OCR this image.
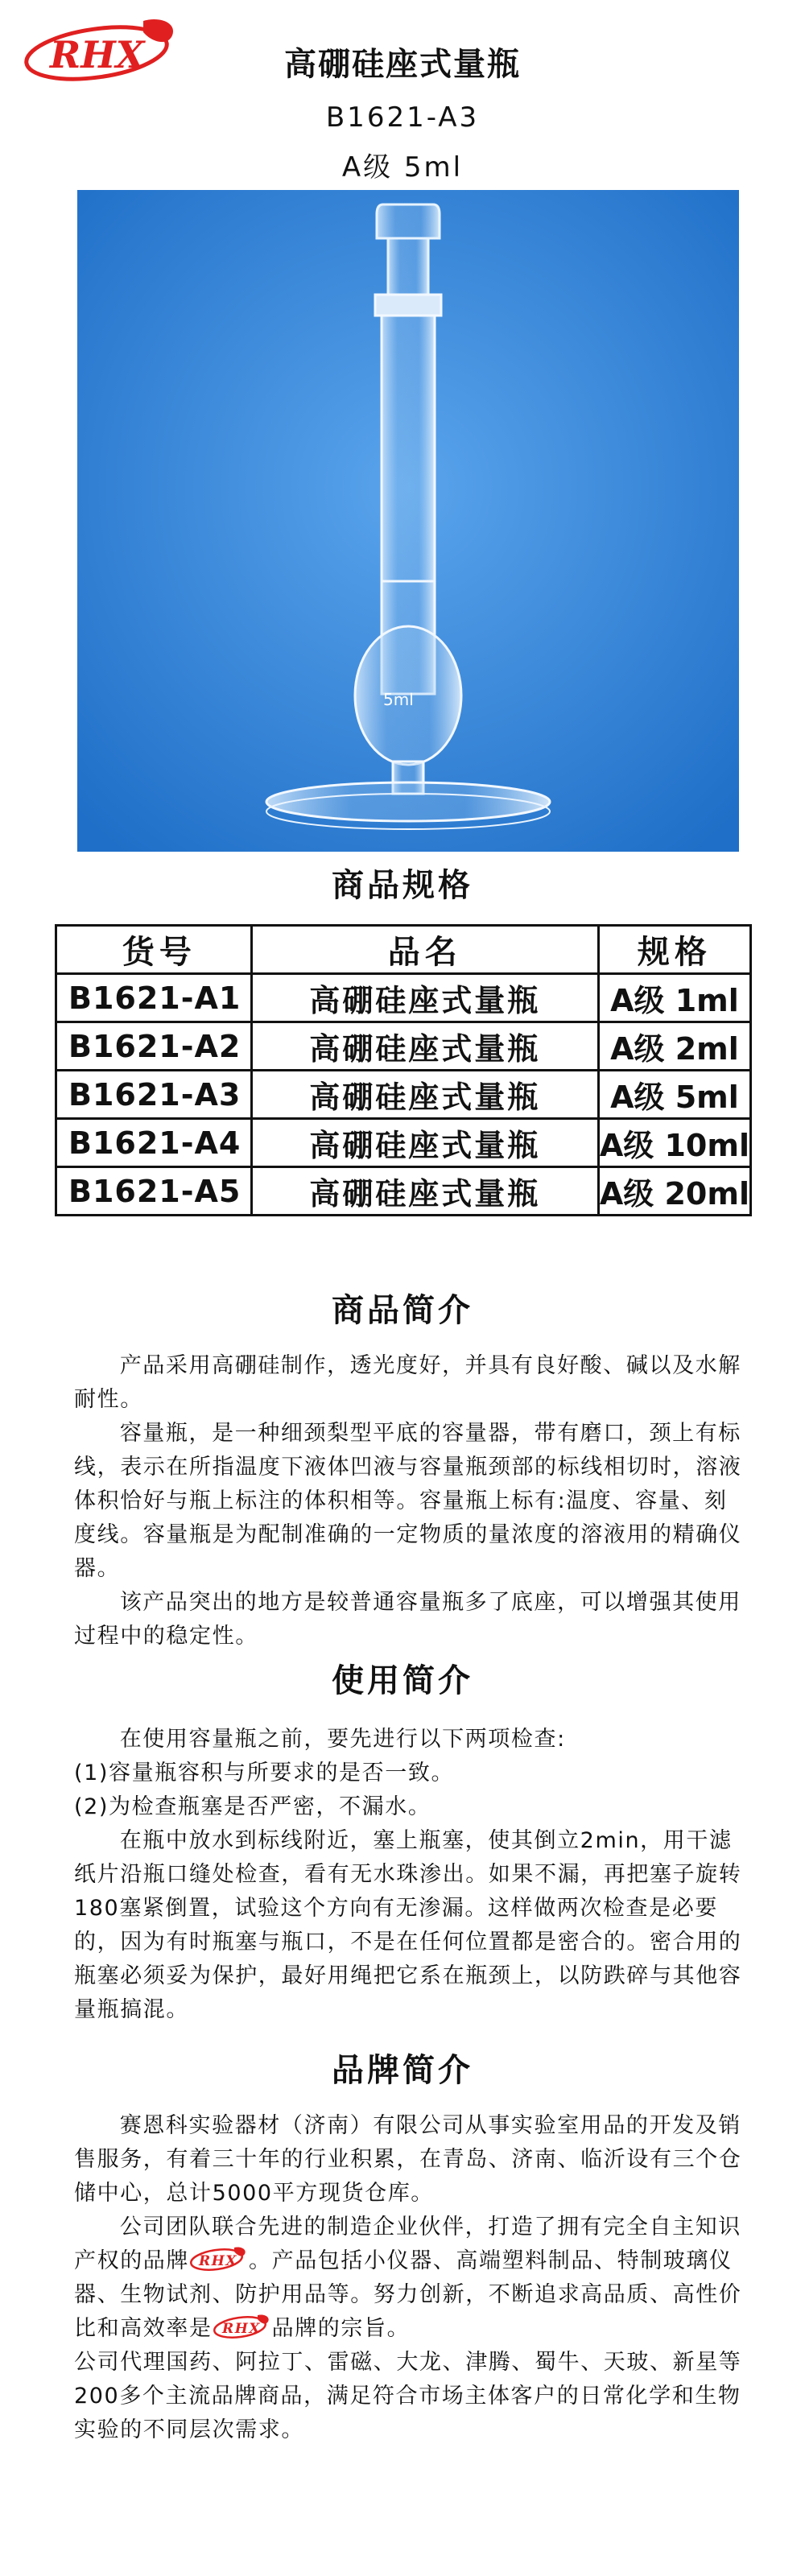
RHX	高硼硅座式量瓶
B1621-A3
A级 5ml
5ml
商品规格
货号	品名	规格
B1621-A1	高硼硅座式量瓶	A级 1ml
B1621-A2	高硼硅座式量瓶	A级 2ml
B1621-A3	高硼硅座式量瓶	A级 5ml
B1621-A4	高硼硅座式量瓶	A级 10ml
B1621-A5	高硼硅座式量瓶	A级 20ml
商品简介

产品采用高硼硅制作，透光度好，并具有良好酸、碱以及水解耐性。

容量瓶，是一种细颈梨型平底的容量器，带有磨口，颈上有标线，表示在所指温度下液体凹液与容量瓶颈部的标线相切时，溶液体积恰好与瓶上标注的体积相等。容量瓶上标有:温度、容量、刻度线。容量瓶是为配制准确的一定物质的量浓度的溶液用的精确仪器。

该产品突出的地方是较普通容量瓶多了底座，可以增强其使用过程中的稳定性。

使用简介

在使用容量瓶之前，要先进行以下两项检查:

(1)容量瓶容积与所要求的是否一致。

(2)为检查瓶塞是否严密，不漏水。

在瓶中放水到标线附近，塞上瓶塞，使其倒立2min，用干滤纸片沿瓶口缝处检查，看有无水珠渗出。如果不漏，再把塞子旋转180塞紧倒置，试验这个方向有无渗漏。这样做两次检查是必要的，因为有时瓶塞与瓶口，不是在任何位置都是密合的。密合用的瓶塞必须妥为保护，最好用绳把它系在瓶颈上，以防跌碎与其他容量瓶搞混。

品牌简介

赛恩科实验器材（济南）有限公司从事实验室用品的开发及销售服务，有着三十年的行业积累，在青岛、济南、临沂设有三个仓储中心，总计5000平方现货仓库。

公司团队联合先进的制造企业伙伴，打造了拥有完全自主知识产权的品牌 RHX 。产品包括小仪器、高端塑料制品、特制玻璃仪器、生物试剂、防护用品等。努力创新，不断追求高品质、高性价比和高效率是 RHX 品牌的宗旨。

公司代理国药、阿拉丁、雷磁、大龙、津腾、蜀牛、天玻、新星等200多个主流品牌商品，满足符合市场主体客户的日常化学和生物实验的不同层次需求。
